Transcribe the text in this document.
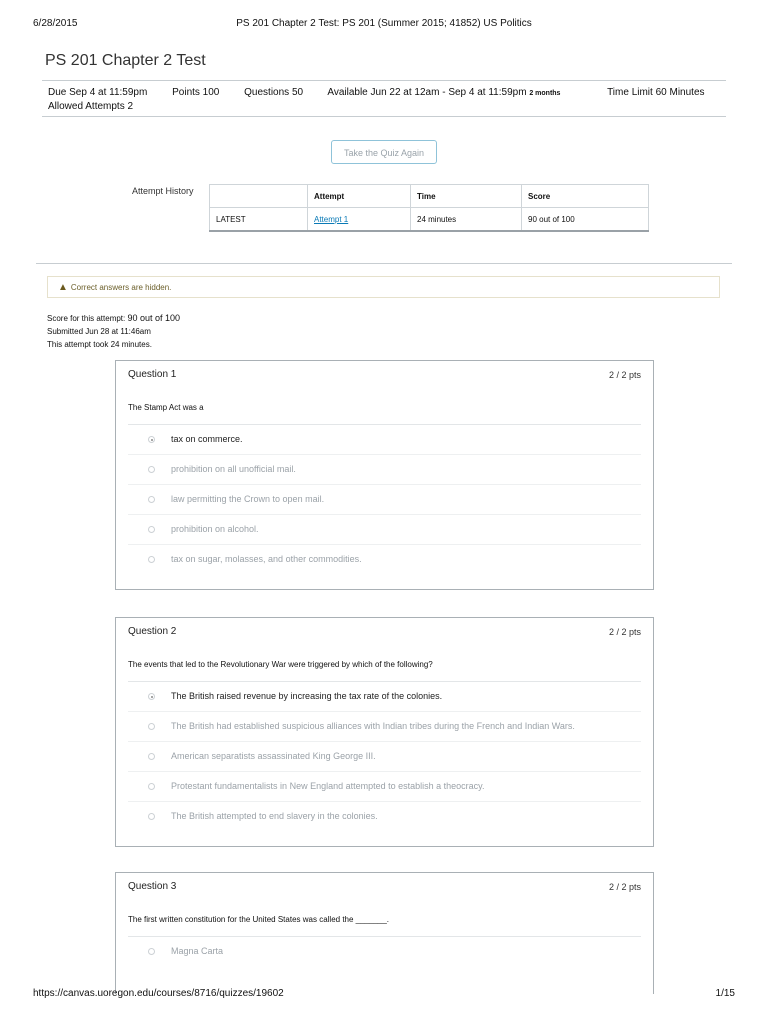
6/28/2015	PS 201 Chapter 2 Test: PS 201 (Summer 2015; 41852) US Politics
PS 201 Chapter 2 Test
Due Sep 4 at 11:59pm Points 100 Questions 50 Available Jun 22 at 12am - Sep 4 at 11:59pm 2 months	Time Limit 60 Minutes
Allowed Attempts 2
Take the Quiz Again
Attempt History
		Attempt	Time	Score
LATEST	Attempt 1	24 minutes	90 out of 100
▲ Correct answers are hidden.
Score for this attempt: 90 out of 100
Submitted Jun 28 at 11:46am
This attempt took 24 minutes.
Question 1	2 / 2 pts
The Stamp Act was a
tax on commerce.
prohibition on all unofficial mail.
law permitting the Crown to open mail.
prohibition on alcohol.
tax on sugar, molasses, and other commodities.
Question 2	2 / 2 pts
The events that led to the Revolutionary War were triggered by which of the following?
The British raised revenue by increasing the tax rate of the colonies.
The British had established suspicious alliances with Indian tribes during the French and Indian Wars.
American separatists assassinated King George III.
Protestant fundamentalists in New England attempted to establish a theocracy.
The British attempted to end slavery in the colonies.
Question 3	2 / 2 pts
The first written constitution for the United States was called the _______.
Magna Carta
https://canvas.uoregon.edu/courses/8716/quizzes/19602	1/15
